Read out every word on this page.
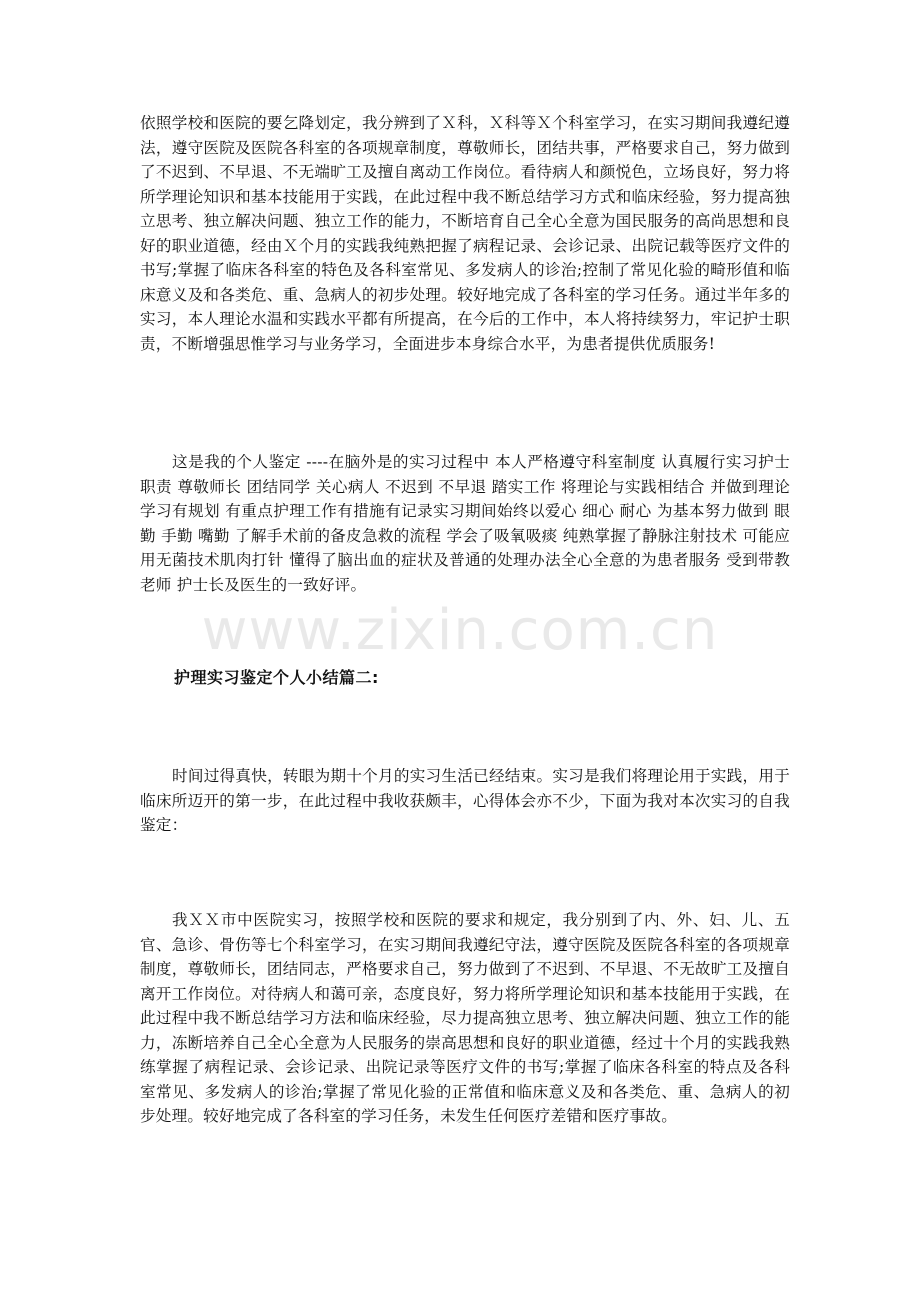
www.zixin.com.cn

依照学校和医院的要乞降划定，我分辨到了Ｘ科，Ｘ科等Ｘ个科室学习，在实习期间我遵纪遵法，遵守医院及医院各科室的各项规章制度，尊敬师长，团结共事，严格要求自己，努力做到了不迟到、不早退、不无端旷工及擅自离动工作岗位。看待病人和颜悦色，立场良好，努力将所学理论知识和基本技能用于实践，在此过程中我不断总结学习方式和临床经验，努力提高独立思考、独立解决问题、独立工作的能力，不断培育自己全心全意为国民服务的高尚思想和良好的职业道德，经由Ｘ个月的实践我纯熟把握了病程记录、会诊记录、出院记载等医疗文件的书写;掌握了临床各科室的特色及各科室常见、多发病人的诊治;控制了常见化验的畸形值和临床意义及和各类危、重、急病人的初步处理。较好地完成了各科室的学习任务。通过半年多的实习，本人理论水温和实践水平都有所提高，在今后的工作中，本人将持续努力，牢记护士职责，不断增强思惟学习与业务学习，全面进步本身综合水平，为患者提供优质服务!

这是我的个人鉴定 ----在脑外是的实习过程中 本人严格遵守科室制度 认真履行实习护士职责 尊敬师长 团结同学 关心病人 不迟到 不早退 踏实工作 将理论与实践相结合 并做到理论学习有规划 有重点护理工作有措施有记录实习期间始终以爱心 细心 耐心 为基本努力做到 眼勤 手勤 嘴勤 了解手术前的备皮急救的流程 学会了吸氧吸痰 纯熟掌握了静脉注射技术 可能应用无菌技术肌肉打针 懂得了脑出血的症状及普通的处理办法全心全意的为患者服务 受到带教老师 护士长及医生的一致好评。

护理实习鉴定个人小结篇二:

时间过得真快，转眼为期十个月的实习生活已经结束。实习是我们将理论用于实践，用于临床所迈开的第一步，在此过程中我收获颇丰，心得体会亦不少，下面为我对本次实习的自我鉴定：

我ＸＸ市中医院实习，按照学校和医院的要求和规定，我分别到了内、外、妇、儿、五官、急诊、骨伤等七个科室学习，在实习期间我遵纪守法，遵守医院及医院各科室的各项规章制度，尊敬师长，团结同志，严格要求自己，努力做到了不迟到、不早退、不无故旷工及擅自离开工作岗位。对待病人和蔼可亲，态度良好，努力将所学理论知识和基本技能用于实践，在此过程中我不断总结学习方法和临床经验，尽力提高独立思考、独立解决问题、独立工作的能力，冻断培养自己全心全意为人民服务的崇高思想和良好的职业道德，经过十个月的实践我熟练掌握了病程记录、会诊记录、出院记录等医疗文件的书写;掌握了临床各科室的特点及各科室常见、多发病人的诊治;掌握了常见化验的正常值和临床意义及和各类危、重、急病人的初步处理。较好地完成了各科室的学习任务，未发生任何医疗差错和医疗事故。
